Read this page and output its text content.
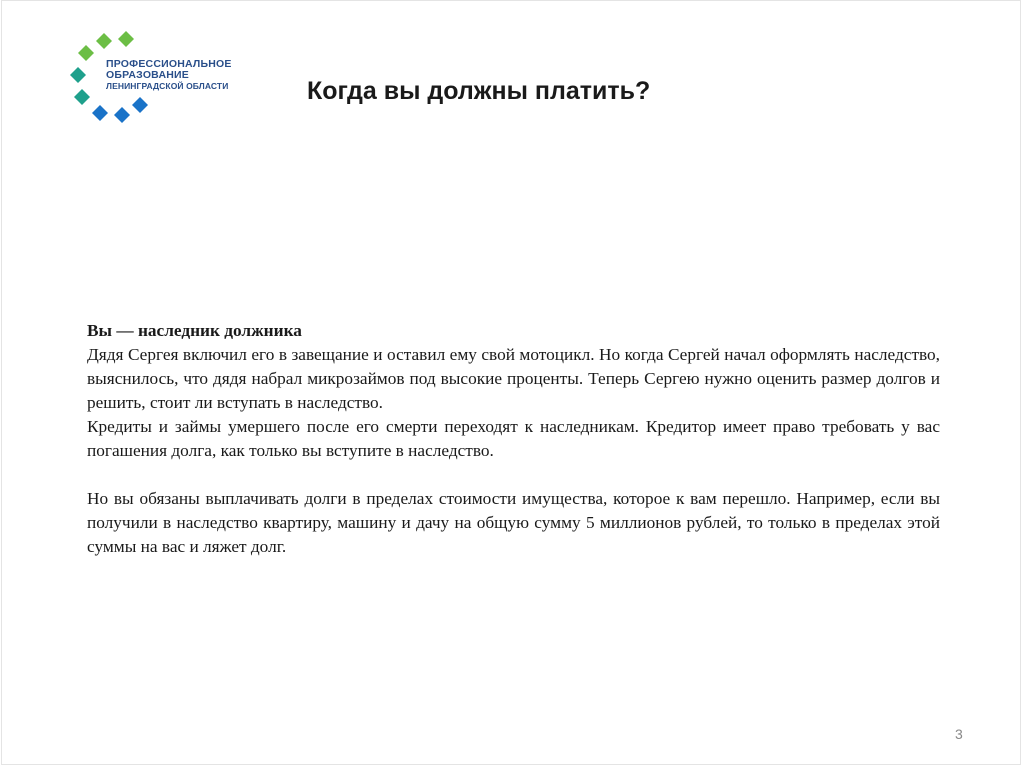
ПРОФЕССИОНАЛЬНОЕ
ОБРАЗОВАНИЕ
ЛЕНИНГРАДСКОЙ ОБЛАСТИ	Когда вы должны платить?

Вы — наследник должника

Дядя Сергея включил его в завещание и оставил ему свой мотоцикл. Но когда Сергей начал оформлять наследство, выяснилось, что дядя набрал микрозаймов под высокие проценты. Теперь Сергею нужно оценить размер долгов и решить, стоит ли вступать в наследство.

Кредиты и займы умершего после его смерти переходят к наследникам. Кредитор имеет право требовать у вас погашения долга, как только вы вступите в наследство.

Но вы обязаны выплачивать долги в пределах стоимости имущества, которое к вам перешло. Например, если вы получили в наследство квартиру, машину и дачу на общую сумму 5 миллионов рублей, то только в пределах этой суммы на вас и ляжет долг.

3
